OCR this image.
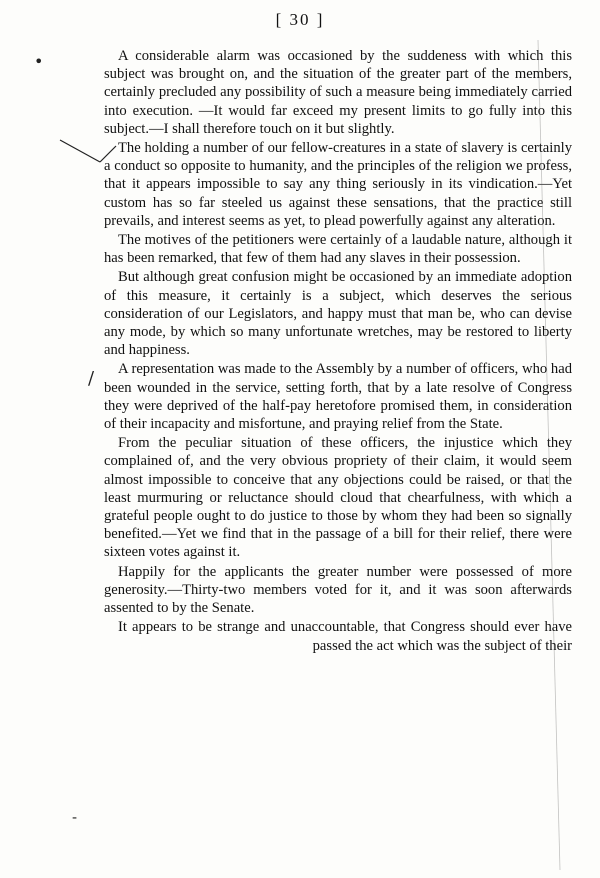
[ 30 ]

A considerable alarm was occasioned by the suddeness with which this subject was brought on, and the situation of the greater part of the members, certainly precluded any possibility of such a measure being immediately carried into execution. —It would far exceed my present limits to go fully into this subject.—I shall therefore touch on it but slightly.

The holding a number of our fellow-creatures in a state of slavery is certainly a conduct so opposite to humanity, and the principles of the religion we profess, that it appears impossible to say any thing seriously in its vindication.—Yet custom has so far steeled us against these sensations, that the practice still prevails, and interest seems as yet, to plead powerfully against any alteration.

The motives of the petitioners were certainly of a laudable nature, although it has been remarked, that few of them had any slaves in their possession.

But although great confusion might be occasioned by an immediate adoption of this measure, it certainly is a subject, which deserves the serious consideration of our Legislators, and happy must that man be, who can devise any mode, by which so many unfortunate wretches, may be restored to liberty and happiness.

A representation was made to the Assembly by a number of officers, who had been wounded in the service, setting forth, that by a late resolve of Congress they were deprived of the half-pay heretofore promised them, in consideration of their incapacity and misfortune, and praying relief from the State.

From the peculiar situation of these officers, the injustice which they complained of, and the very obvious propriety of their claim, it would seem almost impossible to conceive that any objections could be raised, or that the least murmuring or reluctance should cloud that chearfulness, with which a grateful people ought to do justice to those by whom they had been so signally benefited.—Yet we find that in the passage of a bill for their relief, there were sixteen votes against it.

Happily for the applicants the greater number were possessed of more generosity.—Thirty-two members voted for it, and it was soon afterwards assented to by the Senate.

It appears to be strange and unaccountable, that Congress should ever have passed the act which was the subject of their

•
/
-
